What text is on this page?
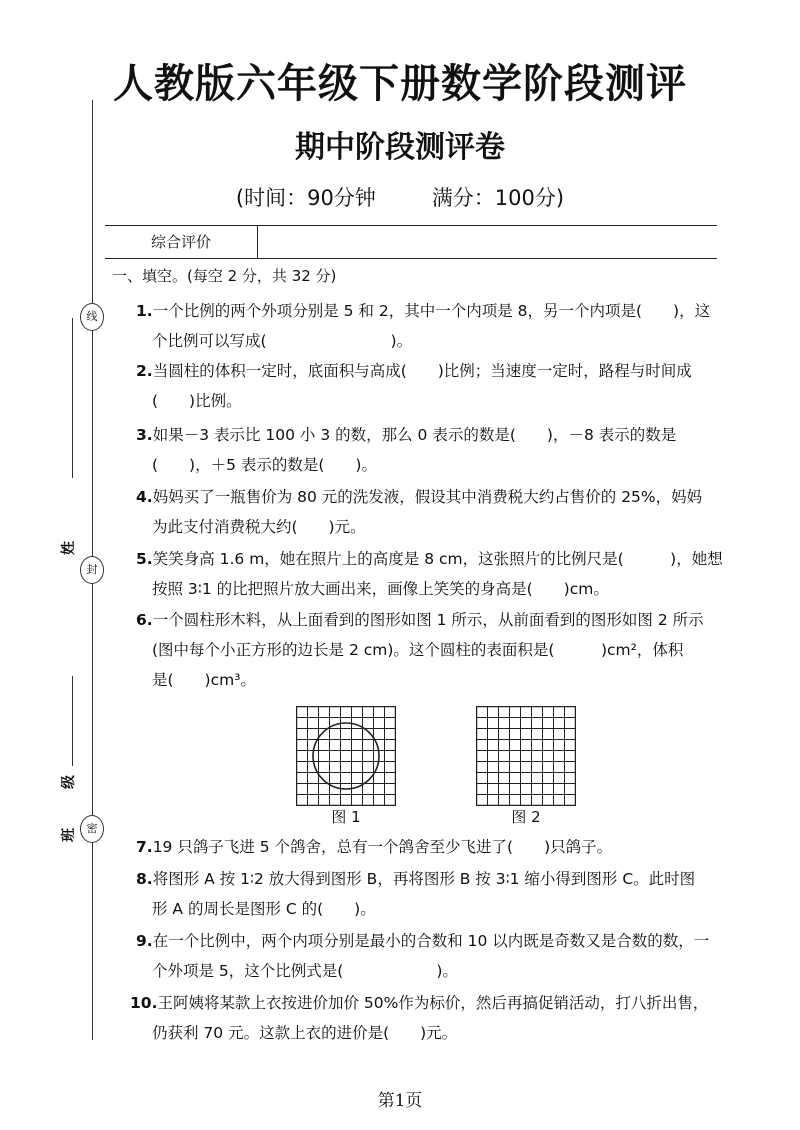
人教版六年级下册数学阶段测评
期中阶段测评卷
(时间：90分钟	满分：100分)
综合评价
线
封
密
姓
级
班
一、填空。(每空 2 分，共 32 分)
1.一个比例的两个外项分别是 5 和 2，其中一个内项是 8，另一个内项是(　　)，这
个比例可以写成(　　　　　　　　)。
2.当圆柱的体积一定时，底面积与高成(　　)比例；当速度一定时，路程与时间成
(　　)比例。
3.如果－3 表示比 100 小 3 的数，那么 0 表示的数是(　　)，－8 表示的数是
(　　)，＋5 表示的数是(　　)。
4.妈妈买了一瓶售价为 80 元的洗发液，假设其中消费税大约占售价的 25%，妈妈
为此支付消费税大约(　　)元。
5.笑笑身高 1.6 m，她在照片上的高度是 8 cm，这张照片的比例尺是(　　　)，她想
按照 3∶1 的比把照片放大画出来，画像上笑笑的身高是(　　)cm。
6.一个圆柱形木料，从上面看到的图形如图 1 所示，从前面看到的图形如图 2 所示
(图中每个小正方形的边长是 2 cm)。这个圆柱的表面积是(　　　)cm²，体积
是(　　)cm³。
图 1	图 2
7.19 只鸽子飞进 5 个鸽舍，总有一个鸽舍至少飞进了(　　)只鸽子。
8.将图形 A 按 1∶2 放大得到图形 B，再将图形 B 按 3∶1 缩小得到图形 C。此时图
形 A 的周长是图形 C 的(　　)。
9.在一个比例中，两个内项分别是最小的合数和 10 以内既是奇数又是合数的数，一
个外项是 5，这个比例式是(　　　　　　)。
10.王阿姨将某款上衣按进价加价 50%作为标价，然后再搞促销活动，打八折出售，
仍获利 70 元。这款上衣的进价是(　　)元。
第1页
